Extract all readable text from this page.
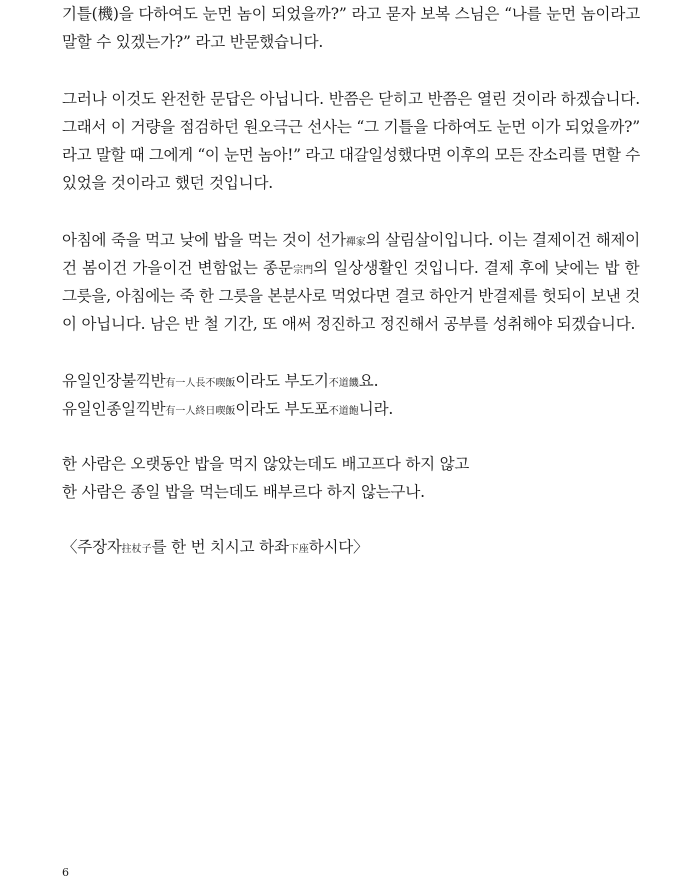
기틀(機)을 다하여도 눈먼 놈이 되었을까?” 라고 묻자 보복 스님은 “나를 눈먼 놈이라고
말할 수 있겠는가?” 라고 반문했습니다.
그러나 이것도 완전한 문답은 아닙니다. 반쯤은 닫히고 반쯤은 열린 것이라 하겠습니다.
그래서 이 거량을 점검하던 원오극근 선사는 “그 기틀을 다하여도 눈먼 이가 되었을까?”
라고 말할 때 그에게 “이 눈먼 놈아!” 라고 대갈일성했다면 이후의 모든 잔소리를 면할 수
있었을 것이라고 했던 것입니다.
아침에 죽을 먹고 낮에 밥을 먹는 것이 선가禪家의 살림살이입니다. 이는 결제이건 해제이
건 봄이건 가을이건 변함없는 종문宗門의 일상생활인 것입니다. 결제 후에 낮에는 밥 한
그릇을, 아침에는 죽 한 그릇을 본분사로 먹었다면 결코 하안거 반결제를 헛되이 보낸 것
이 아닙니다. 남은 반 철 기간, 또 애써 정진하고 정진해서 공부를 성취해야 되겠습니다.
유일인장불끽반有一人長不喫飯이라도 부도기不道饑요.
유일인종일끽반有一人終日喫飯이라도 부도포不道飽니라.
한 사람은 오랫동안 밥을 먹지 않았는데도 배고프다 하지 않고
한 사람은 종일 밥을 먹는데도 배부르다 하지 않는구나.
〈주장자拄杖子를 한 번 치시고 하좌下座하시다〉
6
